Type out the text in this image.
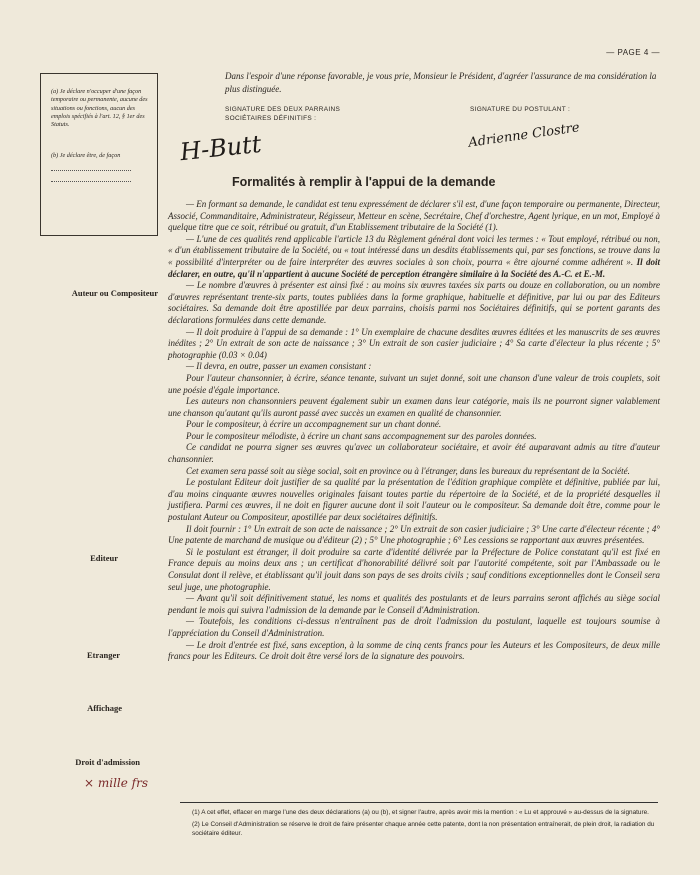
— PAGE 4 —

(a) Je déclare n'occuper d'une façon temporaire ou permanente, aucune des situations ou fonctions, aucun des emplois spécifiés à l'art. 12, § 1er des Statuts.

(b) Je déclare être, de façon

Dans l'espoir d'une réponse favorable, je vous prie, Monsieur le Président, d'agréer l'assurance de ma considération la plus distinguée.
SIGNATURE DES DEUX PARRAINS
SOCIÉTAIRES DÉFINITIFS :
SIGNATURE DU POSTULANT :
H-Butt	Adrienne Clostre
Formalités à remplir à l'appui de la demande
Auteur ou Compositeur
Editeur
Etranger
Affichage
Droit d'admission
× mille frs

— En formant sa demande, le candidat est tenu expressément de déclarer s'il est, d'une façon temporaire ou permanente, Directeur, Associé, Commanditaire, Administrateur, Régisseur, Metteur en scène, Secrétaire, Chef d'orchestre, Agent lyrique, en un mot, Employé à quelque titre que ce soit, rétribué ou gratuit, d'un Etablissement tributaire de la Société (1).

— L'une de ces qualités rend applicable l'article 13 du Règlement général dont voici les termes : « Tout employé, rétribué ou non, « d'un établissement tributaire de la Société, ou « tout intéressé dans un desdits établissements qui, par ses fonctions, se trouve dans la « possibilité d'interpréter ou de faire interpréter des œuvres sociales à son choix, pourra « être ajourné comme adhérent ». Il doit déclarer, en outre, qu'il n'appartient à aucune Société de perception étrangère similaire à la Société des A.-C. et E.-M.

— Le nombre d'œuvres à présenter est ainsi fixé : au moins six œuvres taxées six parts ou douze en collaboration, ou un nombre d'œuvres représentant trente-six parts, toutes publiées dans la forme graphique, habituelle et définitive, par lui ou par des Editeurs sociétaires. Sa demande doit être apostillée par deux parrains, choisis parmi nos Sociétaires définitifs, qui se portent garants des déclarations formulées dans cette demande.

— Il doit produire à l'appui de sa demande : 1° Un exemplaire de chacune desdites œuvres éditées et les manuscrits de ses œuvres inédites ; 2° Un extrait de son acte de naissance ; 3° Un extrait de son casier judiciaire ; 4° Sa carte d'électeur la plus récente ; 5° photographie (0.03 × 0.04)

— Il devra, en outre, passer un examen consistant :

Pour l'auteur chansonnier, à écrire, séance tenante, suivant un sujet donné, soit une chanson d'une valeur de trois couplets, soit une poésie d'égale importance.

Les auteurs non chansonniers peuvent également subir un examen dans leur catégorie, mais ils ne pourront signer valablement une chanson qu'autant qu'ils auront passé avec succès un examen en qualité de chansonnier.

Pour le compositeur, à écrire un accompagnement sur un chant donné.

Pour le compositeur mélodiste, à écrire un chant sans accompagnement sur des paroles données.

Ce candidat ne pourra signer ses œuvres qu'avec un collaborateur sociétaire, et avoir été auparavant admis au titre d'auteur chansonnier.

Cet examen sera passé soit au siège social, soit en province ou à l'étranger, dans les bureaux du représentant de la Société.

Le postulant Editeur doit justifier de sa qualité par la présentation de l'édition graphique complète et définitive, publiée par lui, d'au moins cinquante œuvres nouvelles originales faisant toutes partie du répertoire de la Société, et de la propriété desquelles il justifiera. Parmi ces œuvres, il ne doit en figurer aucune dont il soit l'auteur ou le compositeur. Sa demande doit être, comme pour le postulant Auteur ou Compositeur, apostillée par deux sociétaires définitifs.

Il doit fournir : 1° Un extrait de son acte de naissance ; 2° Un extrait de son casier judiciaire ; 3° Une carte d'électeur récente ; 4° Une patente de marchand de musique ou d'éditeur (2) ; 5° Une photographie ; 6° Les cessions se rapportant aux œuvres présentées.

Si le postulant est étranger, il doit produire sa carte d'identité délivrée par la Préfecture de Police constatant qu'il est fixé en France depuis au moins deux ans ; un certificat d'honorabilité délivré soit par l'autorité compétente, soit par l'Ambassade ou le Consulat dont il relève, et établissant qu'il jouit dans son pays de ses droits civils ; sauf conditions exceptionnelles dont le Conseil sera seul juge, une photographie.

— Avant qu'il soit définitivement statué, les noms et qualités des postulants et de leurs parrains seront affichés au siège social pendant le mois qui suivra l'admission de la demande par le Conseil d'Administration.

— Toutefois, les conditions ci-dessus n'entraînent pas de droit l'admission du postulant, laquelle est toujours soumise à l'appréciation du Conseil d'Administration.

— Le droit d'entrée est fixé, sans exception, à la somme de cinq cents francs pour les Auteurs et les Compositeurs, de deux mille francs pour les Editeurs. Ce droit doit être versé lors de la signature des pouvoirs.

(1) A cet effet, effacer en marge l'une des deux déclarations (a) ou (b), et signer l'autre, après avoir mis la mention : « Lu et approuvé » au-dessus de la signature.

(2) Le Conseil d'Administration se réserve le droit de faire présenter chaque année cette patente, dont la non présentation entraînerait, de plein droit, la radiation du sociétaire éditeur.
